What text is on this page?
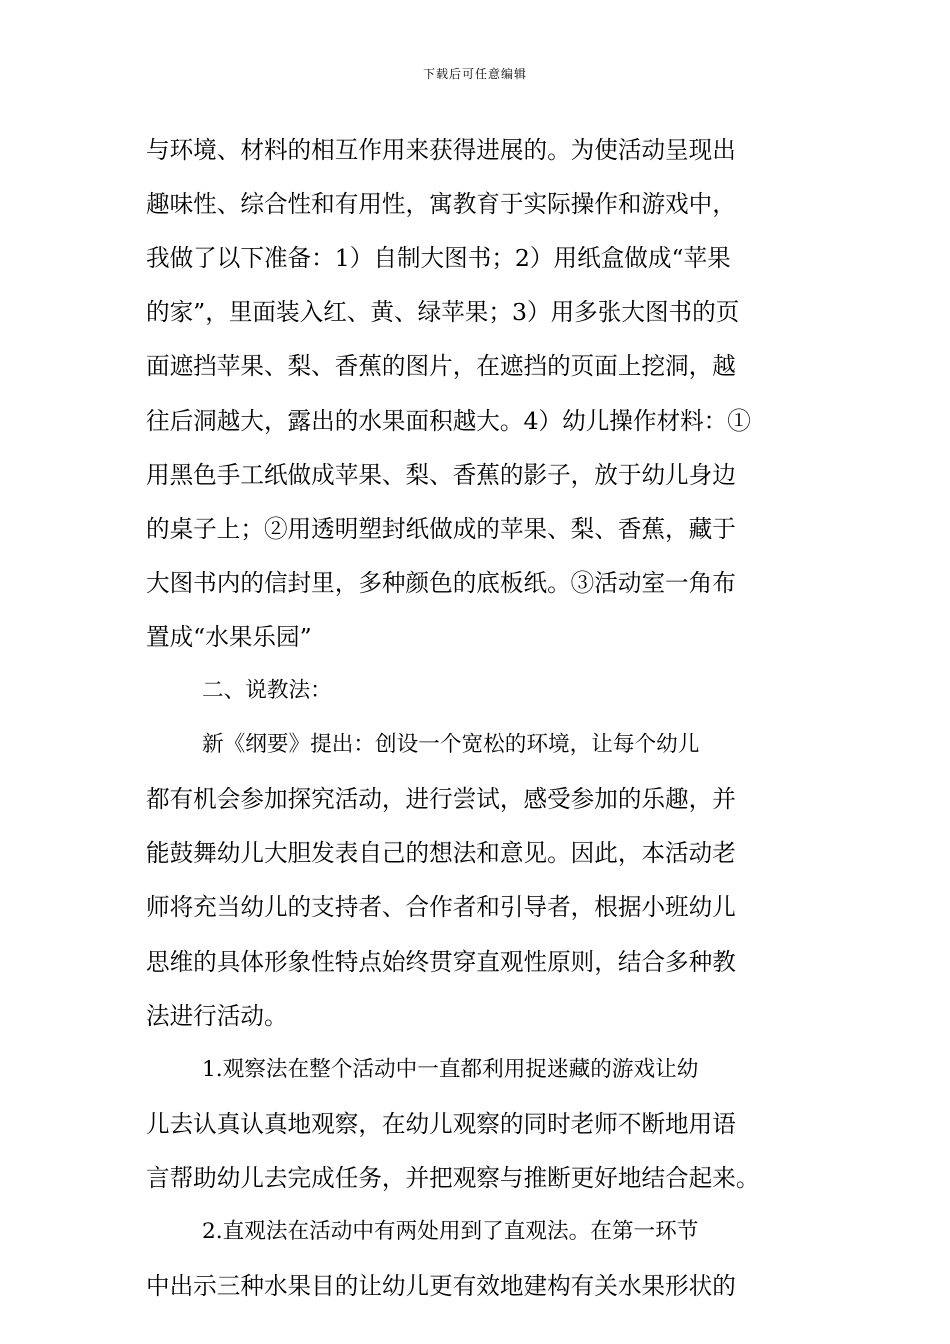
下载后可任意编辑
与环境、材料的相互作用来获得进展的。为使活动呈现出
趣味性、综合性和有用性，寓教育于实际操作和游戏中，
我做了以下准备：1）自制大图书；2）用纸盒做成“苹果
的家”，里面装入红、黄、绿苹果；3）用多张大图书的页
面遮挡苹果、梨、香蕉的图片，在遮挡的页面上挖洞，越
往后洞越大，露出的水果面积越大。4）幼儿操作材料：①
用黑色手工纸做成苹果、梨、香蕉的影子，放于幼儿身边
的桌子上；②用透明塑封纸做成的苹果、梨、香蕉，藏于
大图书内的信封里，多种颜色的底板纸。③活动室一角布
置成“水果乐园”
二、说教法：
新《纲要》提出：创设一个宽松的环境，让每个幼儿
都有机会参加探究活动，进行尝试，感受参加的乐趣，并
能鼓舞幼儿大胆发表自己的想法和意见。因此，本活动老
师将充当幼儿的支持者、合作者和引导者，根据小班幼儿
思维的具体形象性特点始终贯穿直观性原则，结合多种教
法进行活动。
1.观察法在整个活动中一直都利用捉迷藏的游戏让幼
儿去认真认真地观察，在幼儿观察的同时老师不断地用语
言帮助幼儿去完成任务，并把观察与推断更好地结合起来。
2.直观法在活动中有两处用到了直观法。在第一环节
中出示三种水果目的让幼儿更有效地建构有关水果形状的
